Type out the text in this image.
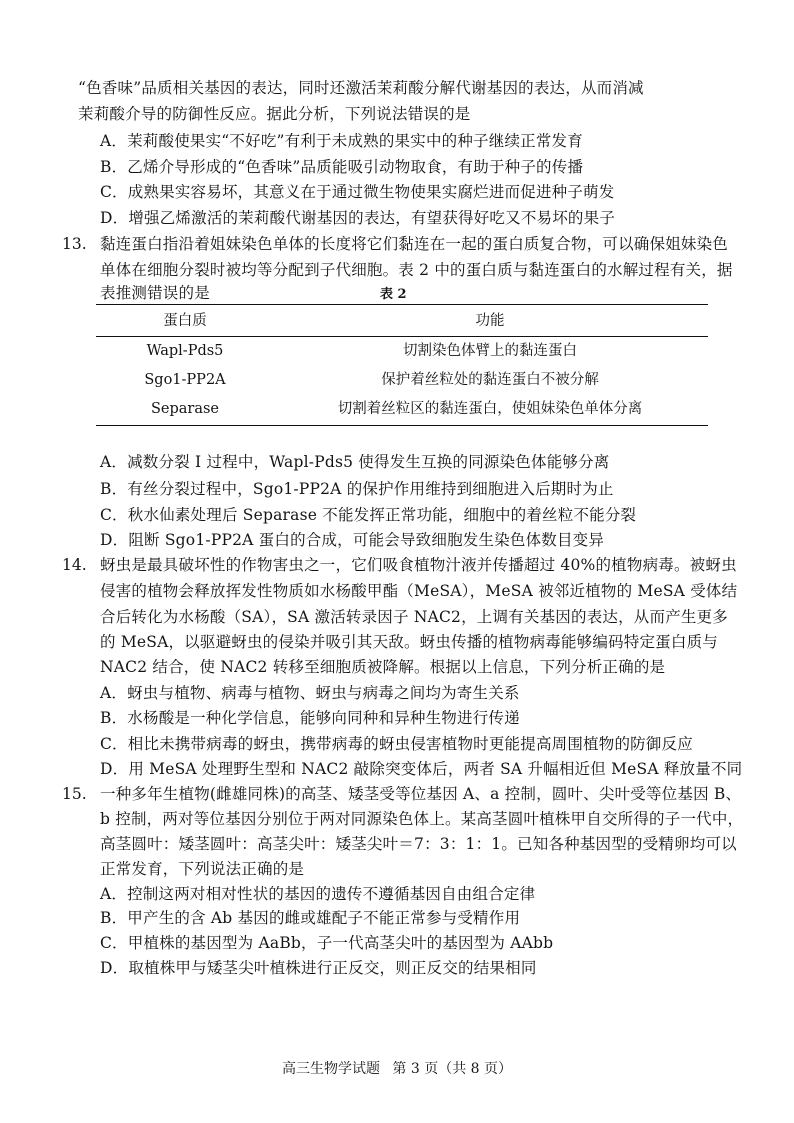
“色香味”品质相关基因的表达，同时还激活茉莉酸分解代谢基因的表达，从而消减
茉莉酸介导的防御性反应。据此分析，下列说法错误的是
A．茉莉酸使果实“不好吃”有利于未成熟的果实中的种子继续正常发育
B．乙烯介导形成的“色香味”品质能吸引动物取食，有助于种子的传播
C．成熟果实容易坏，其意义在于通过微生物使果实腐烂进而促进种子萌发
D．增强乙烯激活的茉莉酸代谢基因的表达，有望获得好吃又不易坏的果子
13. 黏连蛋白指沿着姐妹染色单体的长度将它们黏连在一起的蛋白质复合物，可以确保姐妹染色
单体在细胞分裂时被均等分配到子代细胞。表 2 中的蛋白质与黏连蛋白的水解过程有关，据
表推测错误的是	表 2
蛋白质	功能
Wapl-Pds5	切割染色体臂上的黏连蛋白
Sgo1-PP2A	保护着丝粒处的黏连蛋白不被分解
Separase	切割着丝粒区的黏连蛋白，使姐妹染色单体分离
A．减数分裂 I 过程中，Wapl-Pds5 使得发生互换的同源染色体能够分离
B．有丝分裂过程中，Sgo1-PP2A 的保护作用维持到细胞进入后期时为止
C．秋水仙素处理后 Separase 不能发挥正常功能，细胞中的着丝粒不能分裂
D．阻断 Sgo1-PP2A 蛋白的合成，可能会导致细胞发生染色体数目变异
14. 蚜虫是最具破坏性的作物害虫之一，它们吸食植物汁液并传播超过 40%的植物病毒。被蚜虫
侵害的植物会释放挥发性物质如水杨酸甲酯（MeSA），MeSA 被邻近植物的 MeSA 受体结
合后转化为水杨酸（SA），SA 激活转录因子 NAC2，上调有关基因的表达，从而产生更多
的 MeSA，以驱避蚜虫的侵染并吸引其天敌。蚜虫传播的植物病毒能够编码特定蛋白质与
NAC2 结合，使 NAC2 转移至细胞质被降解。根据以上信息，下列分析正确的是
A．蚜虫与植物、病毒与植物、蚜虫与病毒之间均为寄生关系
B．水杨酸是一种化学信息，能够向同种和异种生物进行传递
C．相比未携带病毒的蚜虫，携带病毒的蚜虫侵害植物时更能提高周围植物的防御反应
D．用 MeSA 处理野生型和 NAC2 敲除突变体后，两者 SA 升幅相近但 MeSA 释放量不同
15. 一种多年生植物(雌雄同株)的高茎、矮茎受等位基因 A、a 控制，圆叶、尖叶受等位基因 B、
b 控制，两对等位基因分别位于两对同源染色体上。某高茎圆叶植株甲自交所得的子一代中，
高茎圆叶：矮茎圆叶：高茎尖叶：矮茎尖叶＝7：3：1：1。已知各种基因型的受精卵均可以
正常发育，下列说法正确的是
A．控制这两对相对性状的基因的遗传不遵循基因自由组合定律
B．甲产生的含 Ab 基因的雌或雄配子不能正常参与受精作用
C．甲植株的基因型为 AaBb，子一代高茎尖叶的基因型为 AAbb
D．取植株甲与矮茎尖叶植株进行正反交，则正反交的结果相同
高三生物学试题 第 3 页（共 8 页）
